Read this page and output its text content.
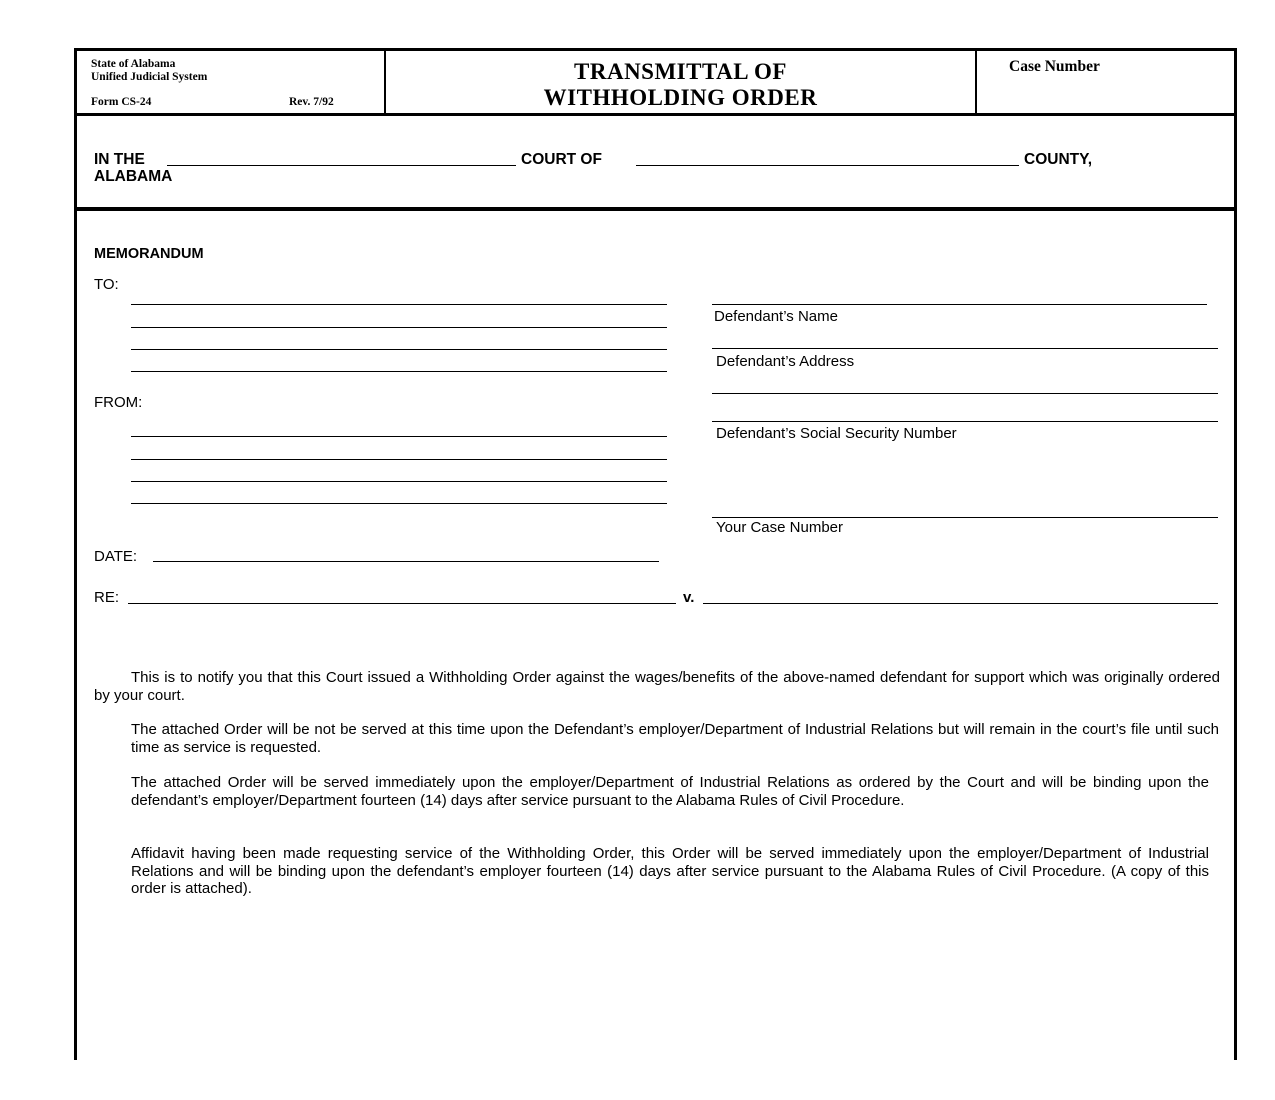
State of Alabama
Unified Judicial System
Form CS-24	Rev. 7/92
TRANSMITTAL OF
WITHHOLDING ORDER
Case Number
IN THE	COURT OF	COUNTY,
ALABAMA
MEMORANDUM
TO:
FROM:
DATE:
RE:	v.
Defendant’s Name
Defendant’s Address
Defendant’s Social Security Number
Your Case Number
This is to notify you that this Court issued a Withholding Order against the wages/benefits of the above-named defendant for support which was originally ordered by your court.
The attached Order will be not be served at this time upon the Defendant’s employer/Department of Industrial Relations but will remain in the court’s file until such time as service is requested.
The attached Order will be served immediately upon the employer/Department of Industrial Relations as ordered by the Court and will be binding upon the defendant’s employer/Department fourteen (14) days after service pursuant to the Alabama Rules of Civil Procedure.
Affidavit having been made requesting service of the Withholding Order, this Order will be served immediately upon the employer/Department of Industrial Relations and will be binding upon the defendant’s employer fourteen (14) days after service pursuant to the Alabama Rules of Civil Procedure. (A copy of this order is attached).
